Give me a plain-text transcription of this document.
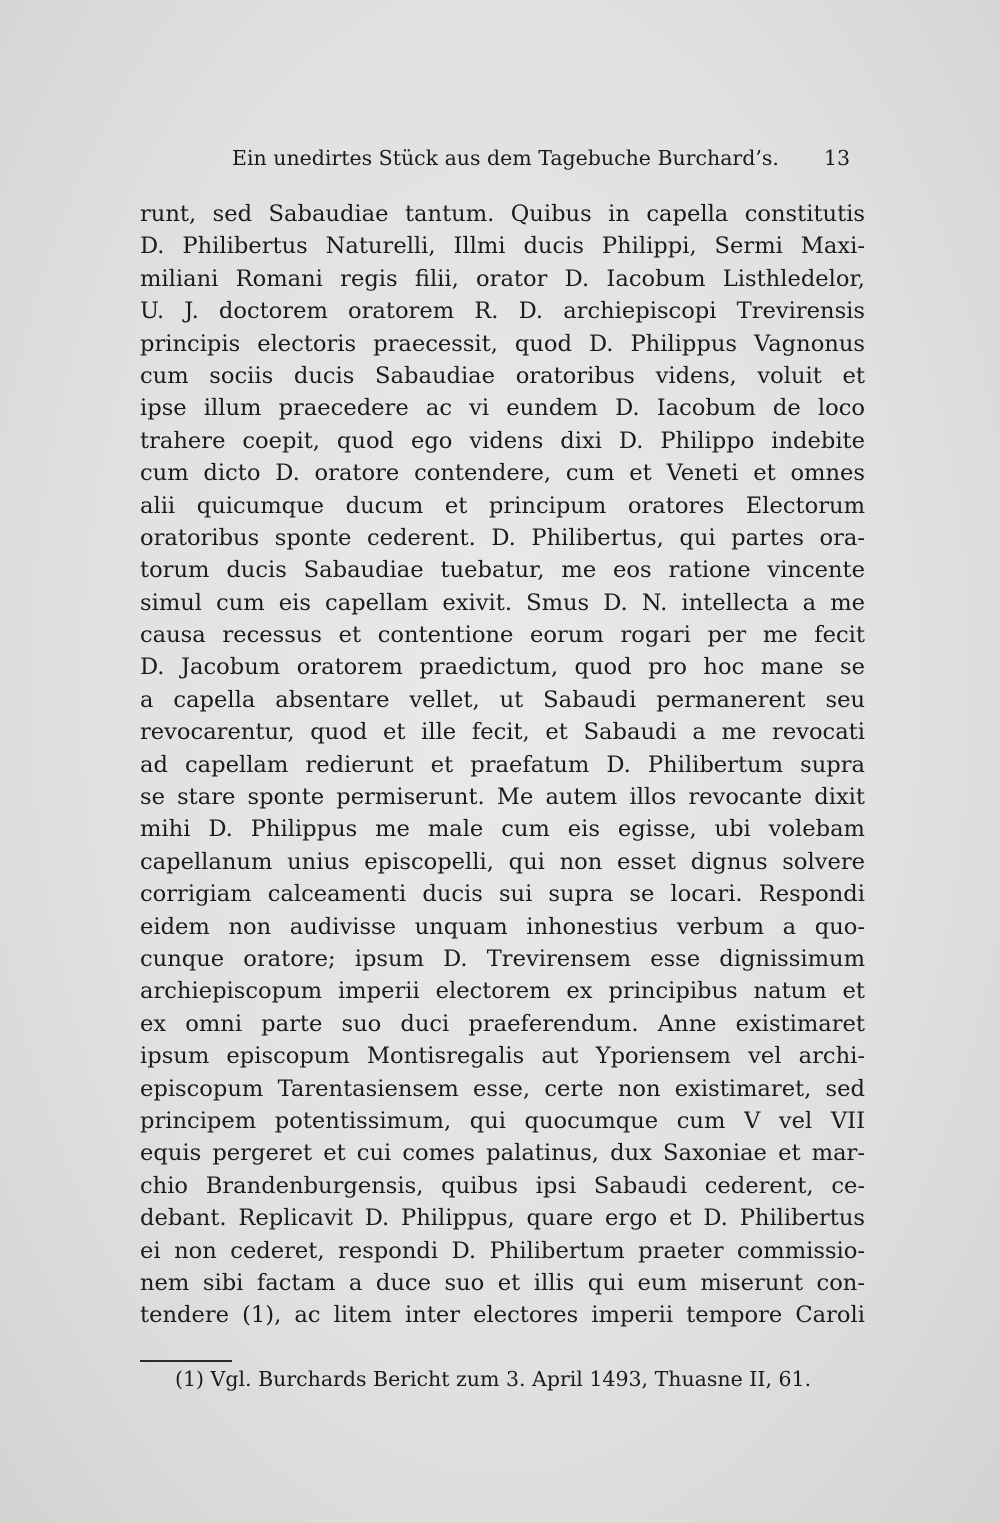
Ein unedirtes Stück aus dem Tagebuche Burchard’s. 13
runt, sed Sabaudiae tantum. Quibus in capella constitutis
D. Philibertus Naturelli, Illmi ducis Philippi, Sermi Maxi-
miliani Romani regis filii, orator D. Iacobum Listhledelor,
U. J. doctorem oratorem R. D. archiepiscopi Trevirensis
principis electoris praecessit, quod D. Philippus Vagnonus
cum sociis ducis Sabaudiae oratoribus videns, voluit et
ipse illum praecedere ac vi eundem D. Iacobum de loco
trahere coepit, quod ego videns dixi D. Philippo indebite
cum dicto D. oratore contendere, cum et Veneti et omnes
alii quicumque ducum et principum oratores Electorum
oratoribus sponte cederent. D. Philibertus, qui partes ora-
torum ducis Sabaudiae tuebatur, me eos ratione vincente
simul cum eis capellam exivit. Smus D. N. intellecta a me
causa recessus et contentione eorum rogari per me fecit
D. Jacobum oratorem praedictum, quod pro hoc mane se
a capella absentare vellet, ut Sabaudi permanerent seu
revocarentur, quod et ille fecit, et Sabaudi a me revocati
ad capellam redierunt et praefatum D. Philibertum supra
se stare sponte permiserunt. Me autem illos revocante dixit
mihi D. Philippus me male cum eis egisse, ubi volebam
capellanum unius episcopelli, qui non esset dignus solvere
corrigiam calceamenti ducis sui supra se locari. Respondi
eidem non audivisse unquam inhonestius verbum a quo-
cunque oratore; ipsum D. Trevirensem esse dignissimum
archiepiscopum imperii electorem ex principibus natum et
ex omni parte suo duci praeferendum. Anne existimaret
ipsum episcopum Montisregalis aut Yporiensem vel archi-
episcopum Tarentasiensem esse, certe non existimaret, sed
principem potentissimum, qui quocumque cum V vel VII
equis pergeret et cui comes palatinus, dux Saxoniae et mar-
chio Brandenburgensis, quibus ipsi Sabaudi cederent, ce-
debant. Replicavit D. Philippus, quare ergo et D. Philibertus
ei non cederet, respondi D. Philibertum praeter commissio-
nem sibi factam a duce suo et illis qui eum miserunt con-
tendere (1), ac litem inter electores imperii tempore Caroli
(1) Vgl. Burchards Bericht zum 3. April 1493, Thuasne II, 61.
